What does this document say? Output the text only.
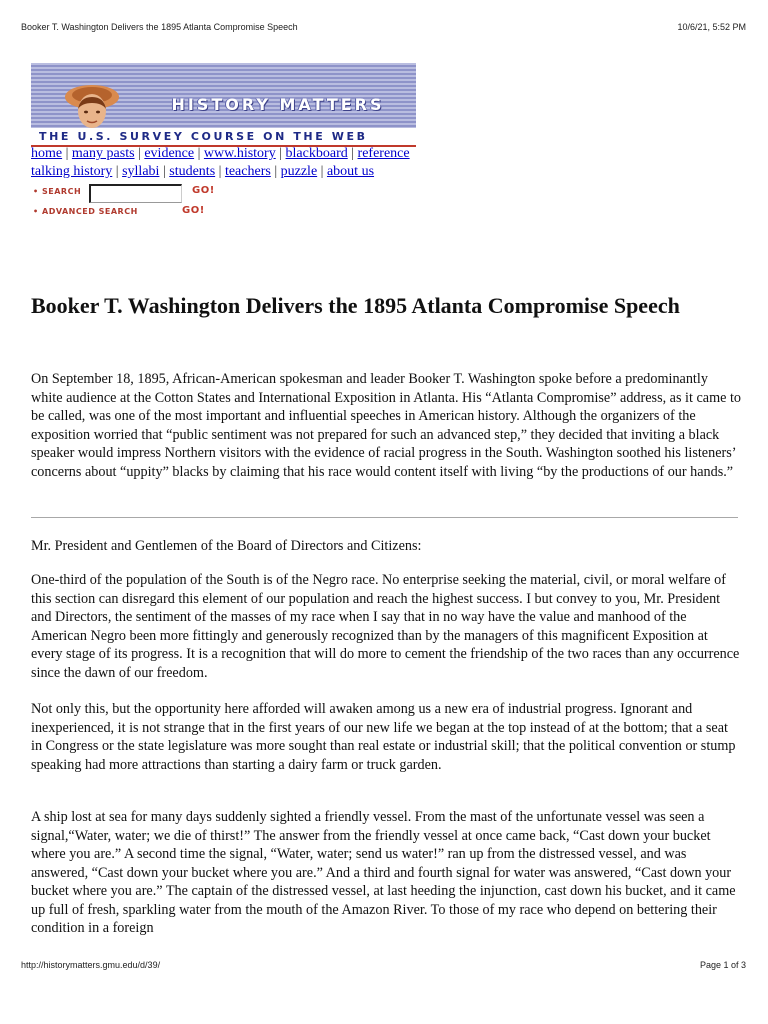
Booker T. Washington Delivers the 1895 Atlanta Compromise Speech	10/6/21, 5:52 PM
HISTORY MATTERS
THE U.S. SURVEY COURSE ON THE WEB
home | many pasts | evidence | www.history | blackboard | reference
talking history | syllabi | students | teachers | puzzle | about us
• SEARCH	GO!
• ADVANCED SEARCH	GO!
Booker T. Washington Delivers the 1895 Atlanta Compromise Speech

On September 18, 1895, African-American spokesman and leader Booker T. Washington spoke before a predominantly white audience at the Cotton States and International Exposition in Atlanta. His “Atlanta Compromise” address, as it came to be called, was one of the most important and influential speeches in American history. Although the organizers of the exposition worried that “public sentiment was not prepared for such an advanced step,” they decided that inviting a black speaker would impress Northern visitors with the evidence of racial progress in the South. Washington soothed his listeners’ concerns about “uppity” blacks by claiming that his race would content itself with living “by the productions of our hands.”

Mr. President and Gentlemen of the Board of Directors and Citizens:

One-third of the population of the South is of the Negro race. No enterprise seeking the material, civil, or moral welfare of this section can disregard this element of our population and reach the highest success. I but convey to you, Mr. President and Directors, the sentiment of the masses of my race when I say that in no way have the value and manhood of the American Negro been more fittingly and generously recognized than by the managers of this magnificent Exposition at every stage of its progress. It is a recognition that will do more to cement the friendship of the two races than any occurrence since the dawn of our freedom.

Not only this, but the opportunity here afforded will awaken among us a new era of industrial progress. Ignorant and inexperienced, it is not strange that in the first years of our new life we began at the top instead of at the bottom; that a seat in Congress or the state legislature was more sought than real estate or industrial skill; that the political convention or stump speaking had more attractions than starting a dairy farm or truck garden.

A ship lost at sea for many days suddenly sighted a friendly vessel. From the mast of the unfortunate vessel was seen a signal,“Water, water; we die of thirst!” The answer from the friendly vessel at once came back, “Cast down your bucket where you are.” A second time the signal, “Water, water; send us water!” ran up from the distressed vessel, and was answered, “Cast down your bucket where you are.” And a third and fourth signal for water was answered, “Cast down your bucket where you are.” The captain of the distressed vessel, at last heeding the injunction, cast down his bucket, and it came up full of fresh, sparkling water from the mouth of the Amazon River. To those of my race who depend on bettering their condition in a foreign

http://historymatters.gmu.edu/d/39/	Page 1 of 3
